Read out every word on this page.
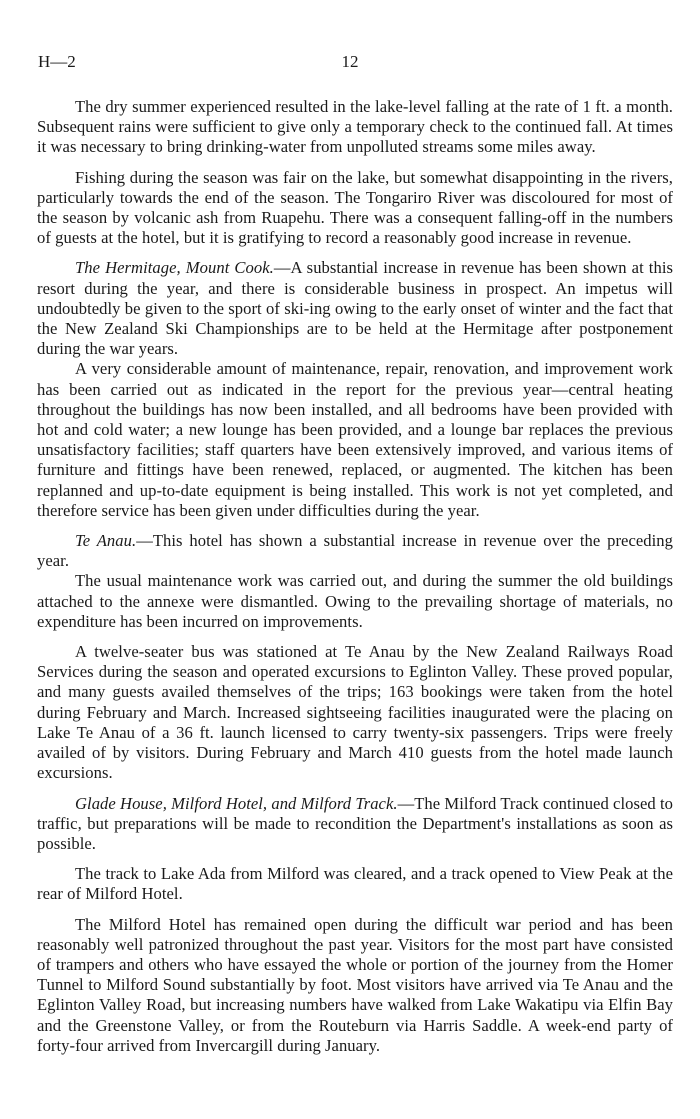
H—2	12

The dry summer experienced resulted in the lake-level falling at the rate of 1 ft. a month. Subsequent rains were sufficient to give only a temporary check to the continued fall. At times it was necessary to bring drinking-water from unpolluted streams some miles away.

Fishing during the season was fair on the lake, but somewhat disappointing in the rivers, particularly towards the end of the season. The Tongariro River was discoloured for most of the season by volcanic ash from Ruapehu. There was a consequent falling-off in the numbers of guests at the hotel, but it is gratifying to record a reasonably good increase in revenue.

The Hermitage, Mount Cook.—A substantial increase in revenue has been shown at this resort during the year, and there is considerable business in prospect. An impetus will undoubtedly be given to the sport of ski-ing owing to the early onset of winter and the fact that the New Zealand Ski Championships are to be held at the Hermitage after postponement during the war years.

A very considerable amount of maintenance, repair, renovation, and improvement work has been carried out as indicated in the report for the previous year—central heating throughout the buildings has now been installed, and all bedrooms have been provided with hot and cold water; a new lounge has been provided, and a lounge bar replaces the previous unsatisfactory facilities; staff quarters have been extensively improved, and various items of furniture and fittings have been renewed, replaced, or augmented. The kitchen has been replanned and up-to-date equipment is being installed. This work is not yet completed, and therefore service has been given under difficulties during the year.

Te Anau.—This hotel has shown a substantial increase in revenue over the preceding year.

The usual maintenance work was carried out, and during the summer the old buildings attached to the annexe were dismantled. Owing to the prevailing shortage of materials, no expenditure has been incurred on improvements.

A twelve-seater bus was stationed at Te Anau by the New Zealand Railways Road Services during the season and operated excursions to Eglinton Valley. These proved popular, and many guests availed themselves of the trips; 163 bookings were taken from the hotel during February and March. Increased sightseeing facilities inaugurated were the placing on Lake Te Anau of a 36 ft. launch licensed to carry twenty-six passengers. Trips were freely availed of by visitors. During February and March 410 guests from the hotel made launch excursions.

Glade House, Milford Hotel, and Milford Track.—The Milford Track continued closed to traffic, but preparations will be made to recondition the Department's installations as soon as possible.

The track to Lake Ada from Milford was cleared, and a track opened to View Peak at the rear of Milford Hotel.

The Milford Hotel has remained open during the difficult war period and has been reasonably well patronized throughout the past year. Visitors for the most part have consisted of trampers and others who have essayed the whole or portion of the journey from the Homer Tunnel to Milford Sound substantially by foot. Most visitors have arrived via Te Anau and the Eglinton Valley Road, but increasing numbers have walked from Lake Wakatipu via Elfin Bay and the Greenstone Valley, or from the Routeburn via Harris Saddle. A week-end party of forty-four arrived from Invercargill during January.
